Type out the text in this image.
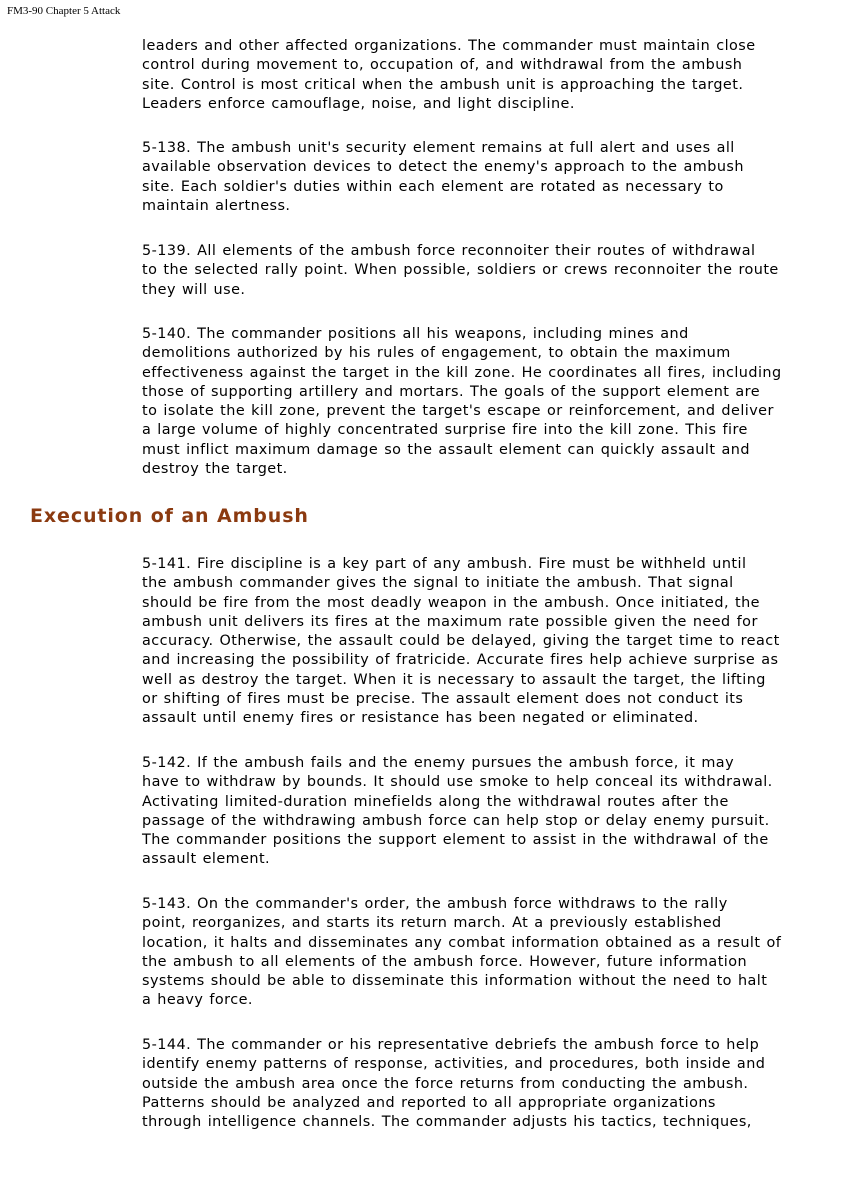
FM3-90 Chapter 5 Attack

leaders and other affected organizations. The commander must maintain close
control during movement to, occupation of, and withdrawal from the ambush
site. Control is most critical when the ambush unit is approaching the target.
Leaders enforce camouflage, noise, and light discipline.

5-138. The ambush unit's security element remains at full alert and uses all
available observation devices to detect the enemy's approach to the ambush
site. Each soldier's duties within each element are rotated as necessary to
maintain alertness.

5-139. All elements of the ambush force reconnoiter their routes of withdrawal
to the selected rally point. When possible, soldiers or crews reconnoiter the route
they will use.

5-140. The commander positions all his weapons, including mines and
demolitions authorized by his rules of engagement, to obtain the maximum
effectiveness against the target in the kill zone. He coordinates all fires, including
those of supporting artillery and mortars. The goals of the support element are
to isolate the kill zone, prevent the target's escape or reinforcement, and deliver
a large volume of highly concentrated surprise fire into the kill zone. This fire
must inflict maximum damage so the assault element can quickly assault and
destroy the target.

Execution of an Ambush

5-141. Fire discipline is a key part of any ambush. Fire must be withheld until
the ambush commander gives the signal to initiate the ambush. That signal
should be fire from the most deadly weapon in the ambush. Once initiated, the
ambush unit delivers its fires at the maximum rate possible given the need for
accuracy. Otherwise, the assault could be delayed, giving the target time to react
and increasing the possibility of fratricide. Accurate fires help achieve surprise as
well as destroy the target. When it is necessary to assault the target, the lifting
or shifting of fires must be precise. The assault element does not conduct its
assault until enemy fires or resistance has been negated or eliminated.

5-142. If the ambush fails and the enemy pursues the ambush force, it may
have to withdraw by bounds. It should use smoke to help conceal its withdrawal.
Activating limited-duration minefields along the withdrawal routes after the
passage of the withdrawing ambush force can help stop or delay enemy pursuit.
The commander positions the support element to assist in the withdrawal of the
assault element.

5-143. On the commander's order, the ambush force withdraws to the rally
point, reorganizes, and starts its return march. At a previously established
location, it halts and disseminates any combat information obtained as a result of
the ambush to all elements of the ambush force. However, future information
systems should be able to disseminate this information without the need to halt
a heavy force.

5-144. The commander or his representative debriefs the ambush force to help
identify enemy patterns of response, activities, and procedures, both inside and
outside the ambush area once the force returns from conducting the ambush.
Patterns should be analyzed and reported to all appropriate organizations
through intelligence channels. The commander adjusts his tactics, techniques,
